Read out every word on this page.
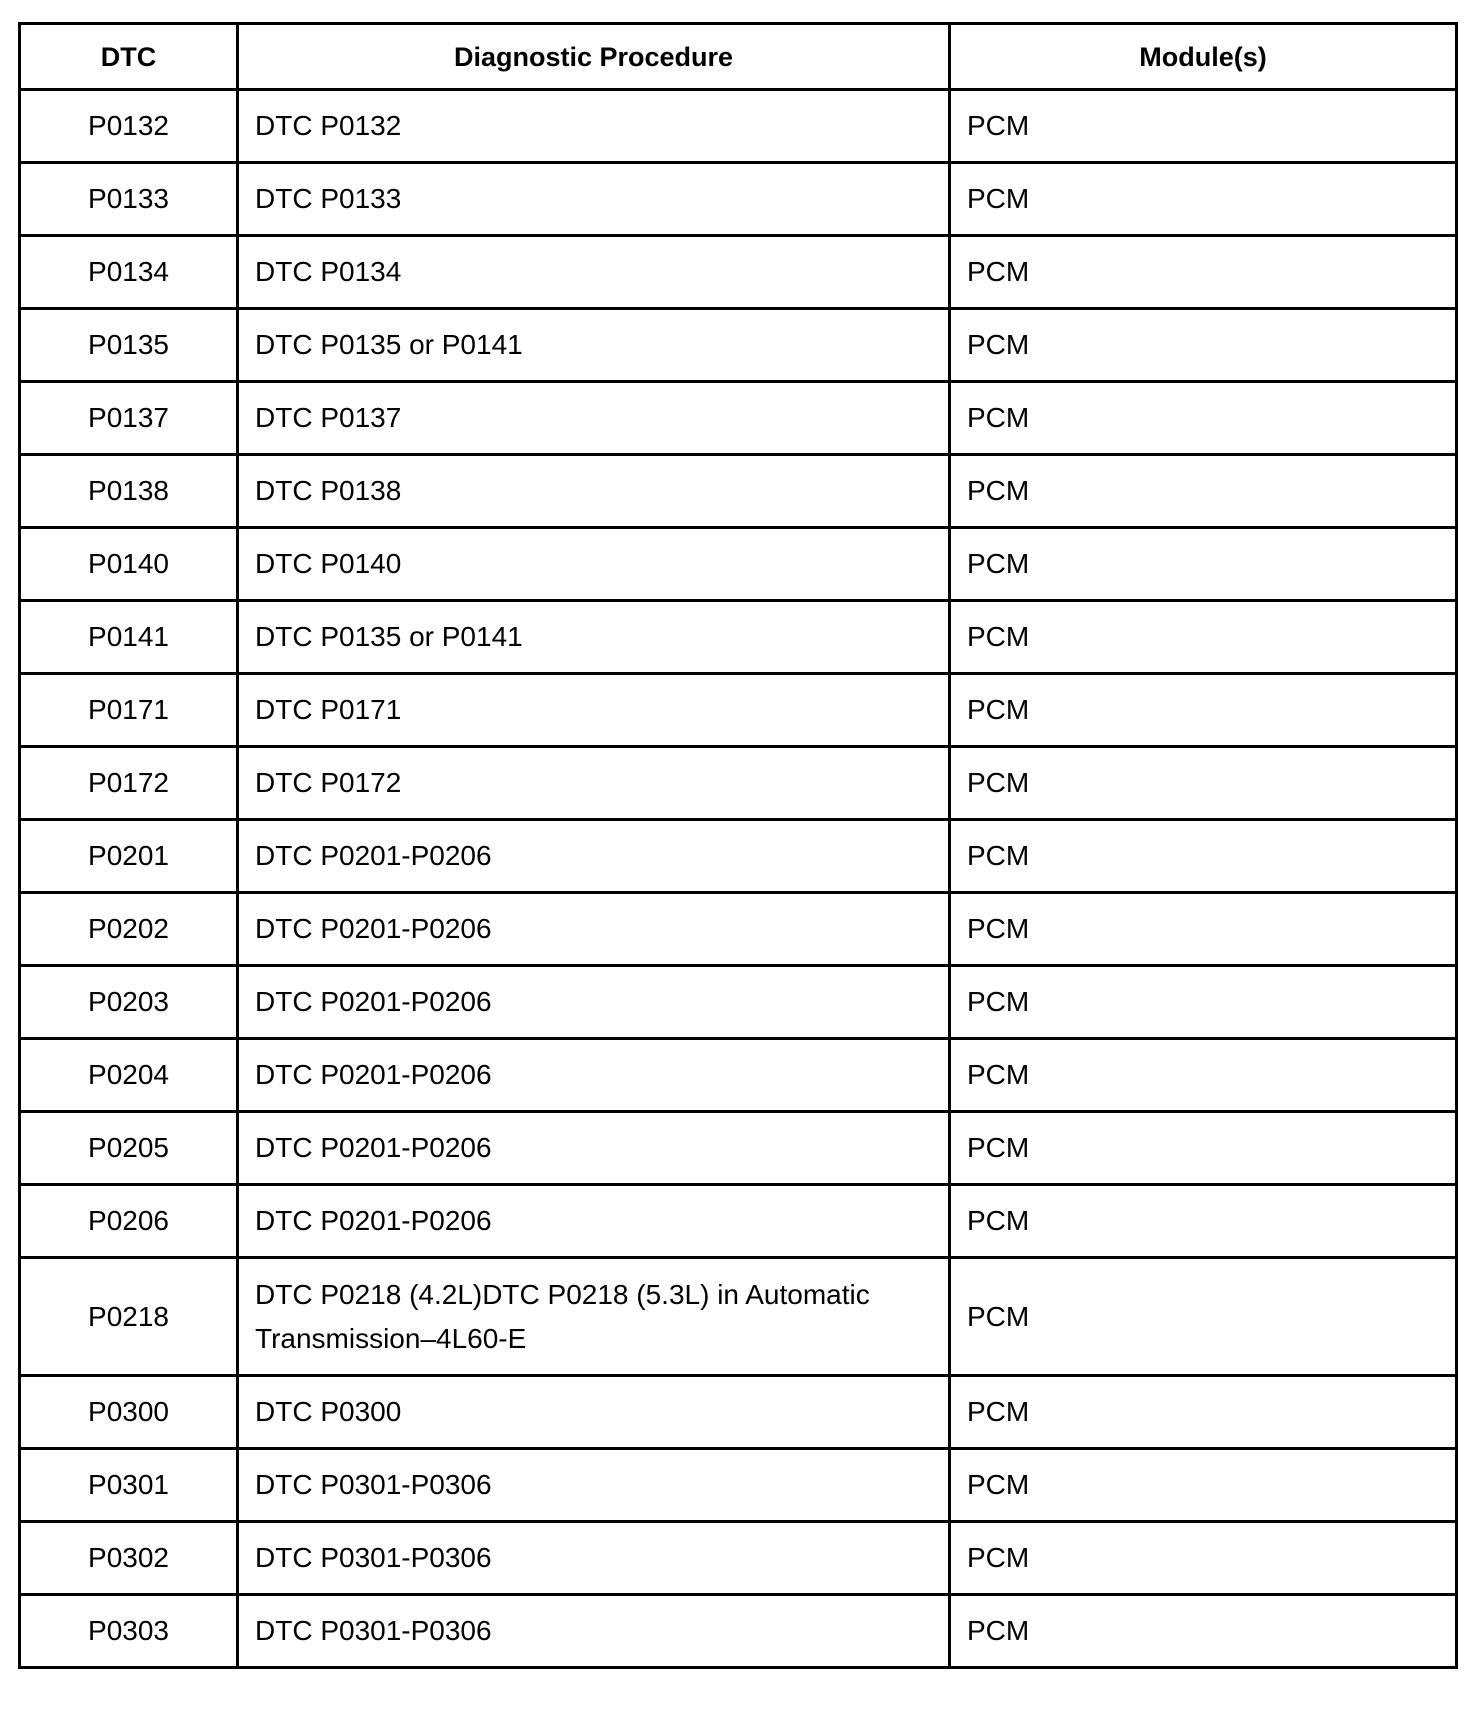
DTC	Diagnostic Procedure	Module(s)
P0132	DTC P0132	PCM
P0133	DTC P0133	PCM
P0134	DTC P0134	PCM
P0135	DTC P0135 or P0141	PCM
P0137	DTC P0137	PCM
P0138	DTC P0138	PCM
P0140	DTC P0140	PCM
P0141	DTC P0135 or P0141	PCM
P0171	DTC P0171	PCM
P0172	DTC P0172	PCM
P0201	DTC P0201-P0206	PCM
P0202	DTC P0201-P0206	PCM
P0203	DTC P0201-P0206	PCM
P0204	DTC P0201-P0206	PCM
P0205	DTC P0201-P0206	PCM
P0206	DTC P0201-P0206	PCM
P0218	DTC P0218 (4.2L)DTC P0218 (5.3L) in Automatic Transmission–4L60-E	PCM
P0300	DTC P0300	PCM
P0301	DTC P0301-P0306	PCM
P0302	DTC P0301-P0306	PCM
P0303	DTC P0301-P0306	PCM
